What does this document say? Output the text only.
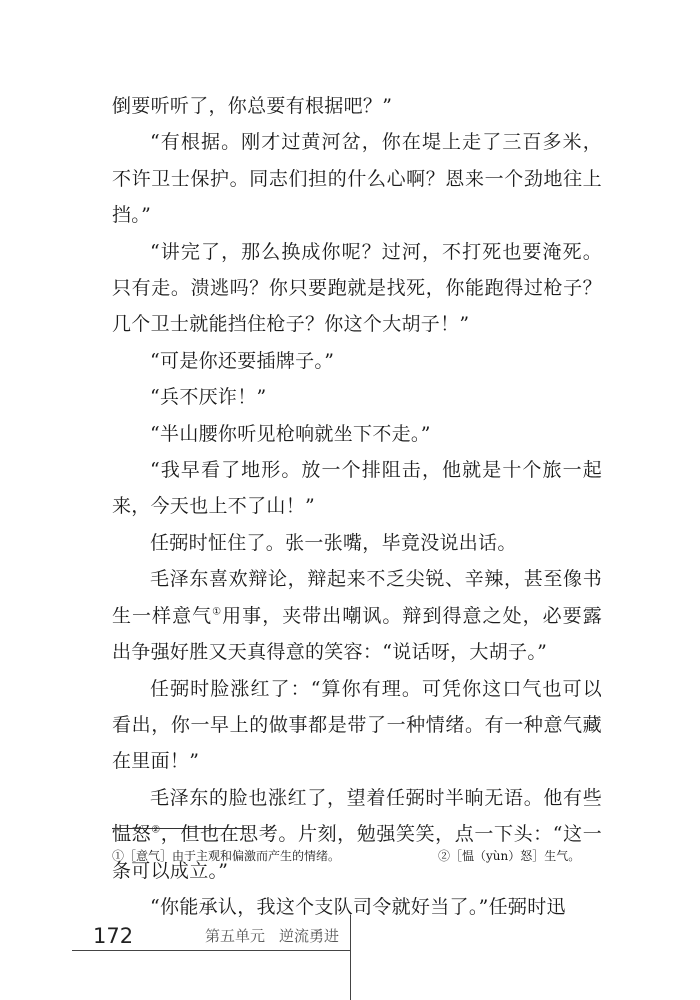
倒要听听了，你总要有根据吧？”

“有根据。刚才过黄河岔，你在堤上走了三百多米，不许卫士保护。同志们担的什么心啊？恩来一个劲地往上挡。”

“讲完了，那么换成你呢？过河，不打死也要淹死。只有走。溃逃吗？你只要跑就是找死，你能跑得过枪子？几个卫士就能挡住枪子？你这个大胡子！”

“可是你还要插牌子。”

“兵不厌诈！”

“半山腰你听见枪响就坐下不走。”

“我早看了地形。放一个排阻击，他就是十个旅一起来，今天也上不了山！”

任弼时怔住了。张一张嘴，毕竟没说出话。

毛泽东喜欢辩论，辩起来不乏尖锐、辛辣，甚至像书生一样意气①用事，夹带出嘲讽。辩到得意之处，必要露出争强好胜又天真得意的笑容：“说话呀，大胡子。”

任弼时脸涨红了：“算你有理。可凭你这口气也可以看出，你一早上的做事都是带了一种情绪。有一种意气藏在里面！”

毛泽东的脸也涨红了，望着任弼时半晌无语。他有些愠怒②，但也在思考。片刻，勉强笑笑，点一下头：“这一条可以成立。”

“你能承认，我这个支队司令就好当了。”任弼时迅

①［意气］由于主观和偏激而产生的情绪。	②［愠（yùn）怒］生气。
172	第五单元 逆流勇进
